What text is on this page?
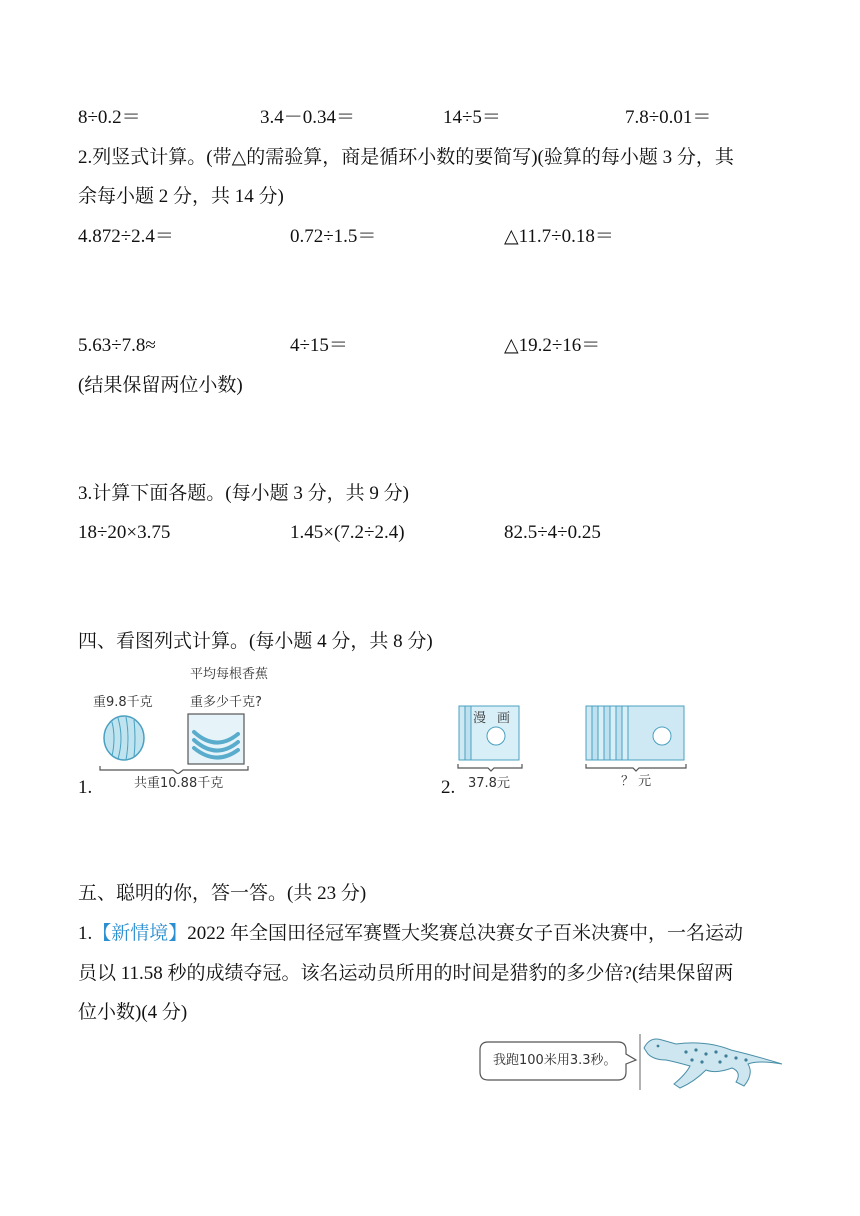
8÷0.2＝	3.4－0.34＝	14÷5＝	7.8÷0.01＝
2.列竖式计算。(带△的需验算，商是循环小数的要简写)(验算的每小题 3 分，其
余每小题 2 分，共 14 分)
4.872÷2.4＝	0.72÷1.5＝	△11.7÷0.18＝
5.63÷7.8≈	4÷15＝	△19.2÷16＝
(结果保留两位小数)
3.计算下面各题。(每小题 3 分，共 9 分)
18÷20×3.75	1.45×(7.2÷2.4)	82.5÷4÷0.25
四、看图列式计算。(每小题 4 分，共 8 分)
1.
重9.8千克
平均每根香蕉
重多少千克?
共重10.88千克	2.
漫 画
37.8元	？ 元
五、聪明的你，答一答。(共 23 分)
1.【新情境】2022 年全国田径冠军赛暨大奖赛总决赛女子百米决赛中，一名运动
员以 11.58 秒的成绩夺冠。该名运动员所用的时间是猎豹的多少倍?(结果保留两
位小数)(4 分)
我跑100米用3.3秒。
